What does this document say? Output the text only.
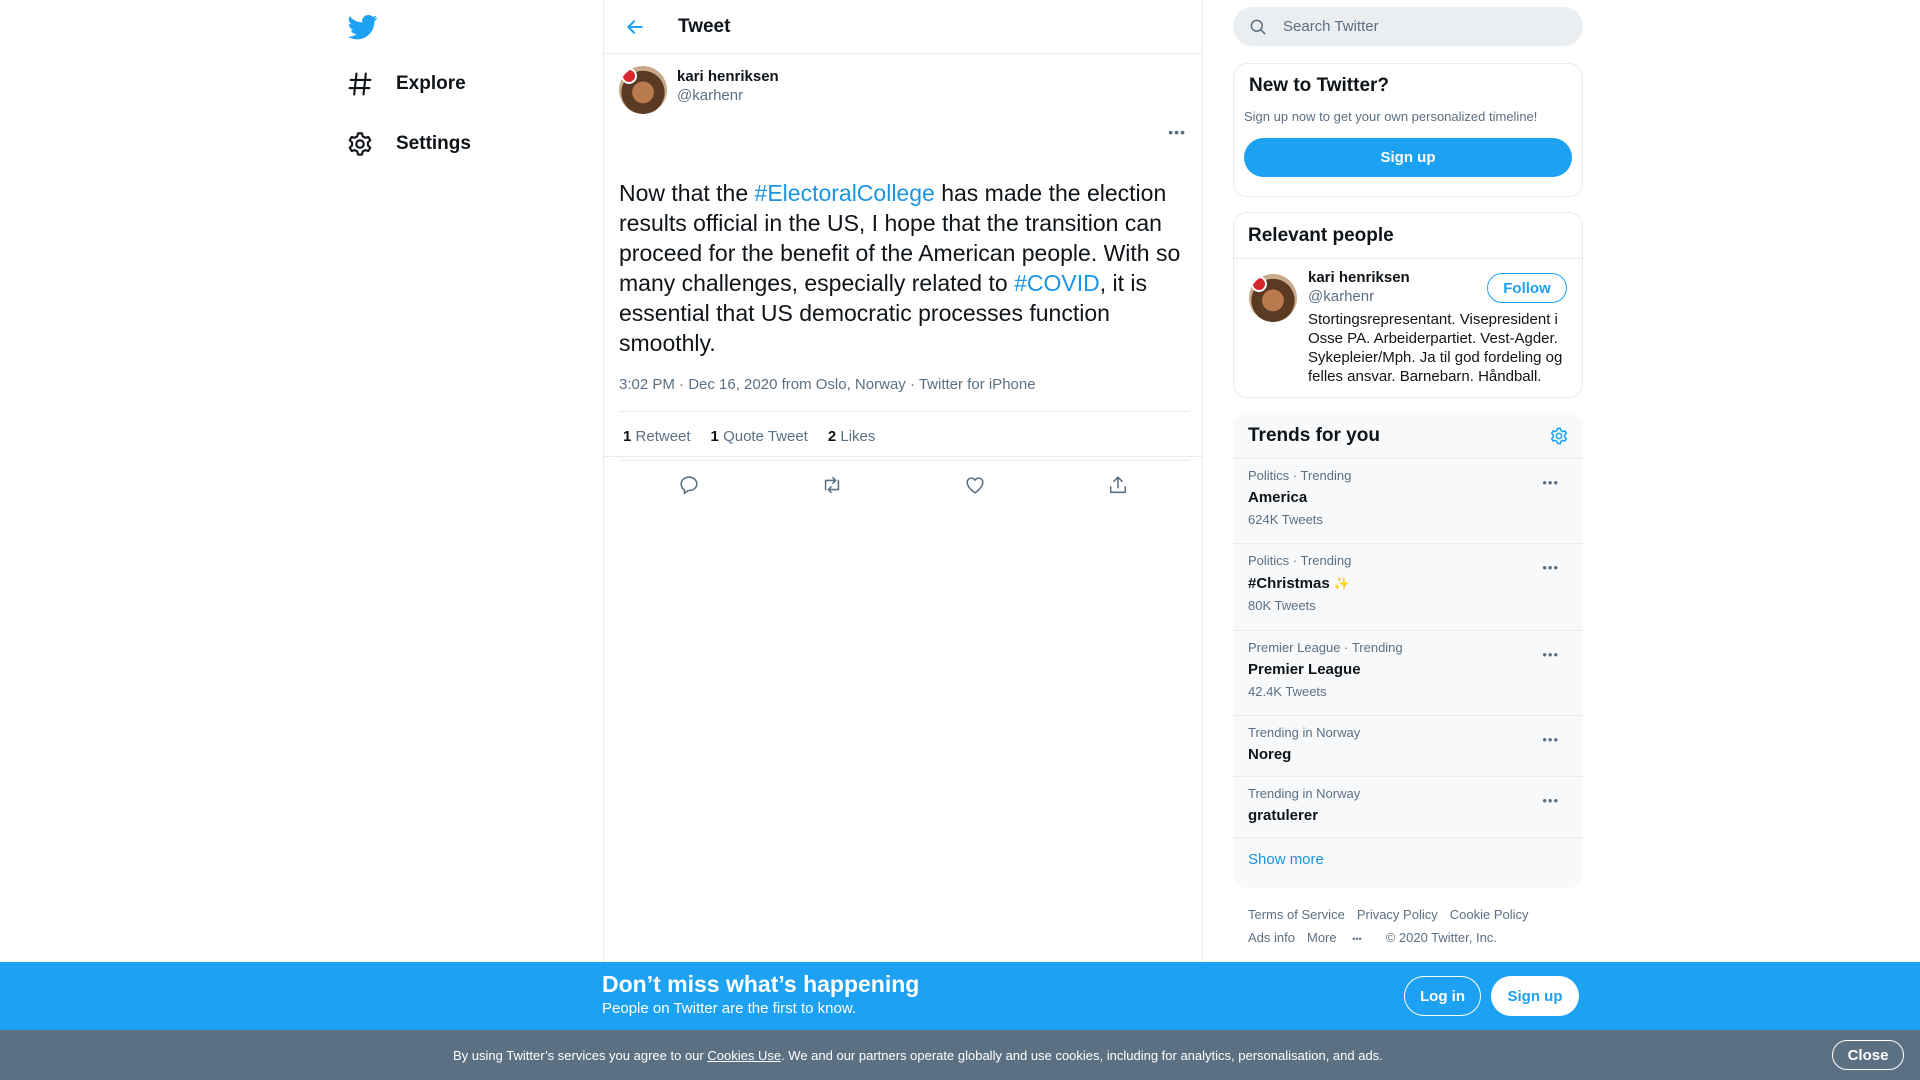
Explore
Settings
Tweet
kari henriksen
@karhenr
•••
Now that the #ElectoralCollege has made the election results official in the US, I hope that the transition can proceed for the benefit of the American people. With so many challenges, especially related to #COVID, it is essential that US democratic processes function smoothly.
3:02 PM · Dec 16, 2020 from Oslo, Norway · Twitter for iPhone
1 Retweet 1 Quote Tweet 2 Likes
Search Twitter
New to Twitter?
Sign up now to get your own personalized timeline!
Sign up
Relevant people
kari henriksen
@karhenr	Follow
Stortingsrepresentant. Visepresident i Osse PA. Arbeiderpartiet. Vest-Agder. Sykepleier/Mph. Ja til god fordeling og felles ansvar. Barnebarn. Håndball.
Trends for you
Politics · Trending
America
624K Tweets
•••
Politics · Trending
#Christmas ✨
80K Tweets
•••
Premier League · Trending
Premier League
42.4K Tweets
•••
Trending in Norway
Noreg
•••
Trending in Norway
gratulerer
•••
Show more
Terms of Service Privacy Policy Cookie Policy
Ads info More ••• © 2020 Twitter, Inc.
Don’t miss what’s happening
People on Twitter are the first to know.
Log in	Sign up
By using Twitter’s services you agree to our Cookies Use. We and our partners operate globally and use cookies, including for analytics, personalisation, and ads.	Close
